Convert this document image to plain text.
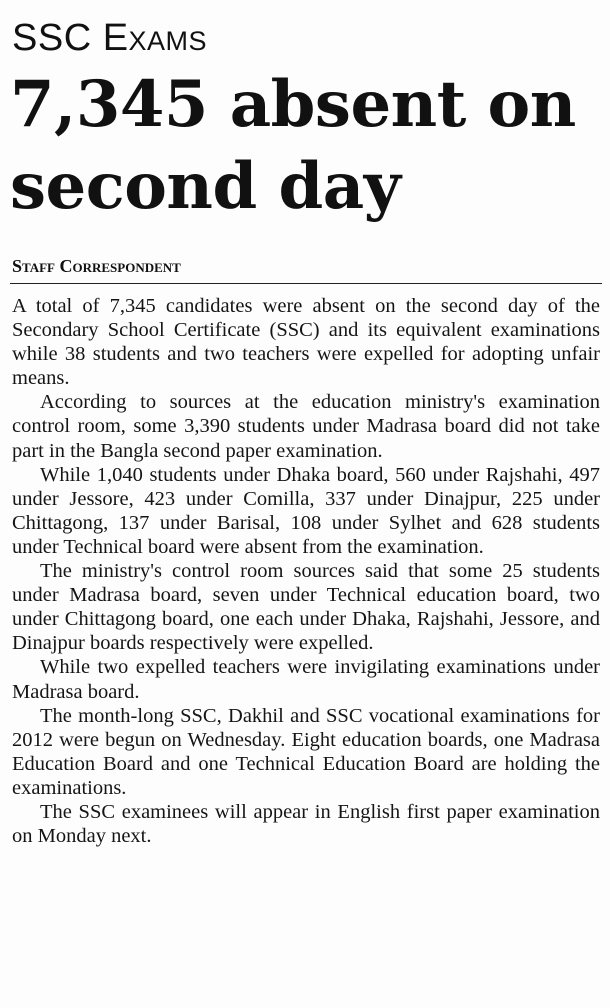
SSC Exams
7,345 absent on
second day
Staff Correspondent

A total of 7,345 candidates were absent on the second day of the Secondary School Certificate (SSC) and its equivalent examinations while 38 students and two teachers were expelled for adopting unfair means.

According to sources at the education ministry's examination control room, some 3,390 students under Madrasa board did not take part in the Bangla second paper examination.

While 1,040 students under Dhaka board, 560 under Rajshahi, 497 under Jessore, 423 under Comilla, 337 under Dinajpur, 225 under Chittagong, 137 under Barisal, 108 under Sylhet and 628 students under Technical board were absent from the examination.

The ministry's control room sources said that some 25 students under Madrasa board, seven under Technical education board, two under Chittagong board, one each under Dhaka, Rajshahi, Jessore, and Dinajpur boards respectively were expelled.

While two expelled teachers were invigilating examinations under Madrasa board.

The month-long SSC, Dakhil and SSC vocational examinations for 2012 were begun on Wednesday. Eight education boards, one Madrasa Education Board and one Technical Education Board are holding the examinations.

The SSC examinees will appear in English first paper examination on Monday next.
